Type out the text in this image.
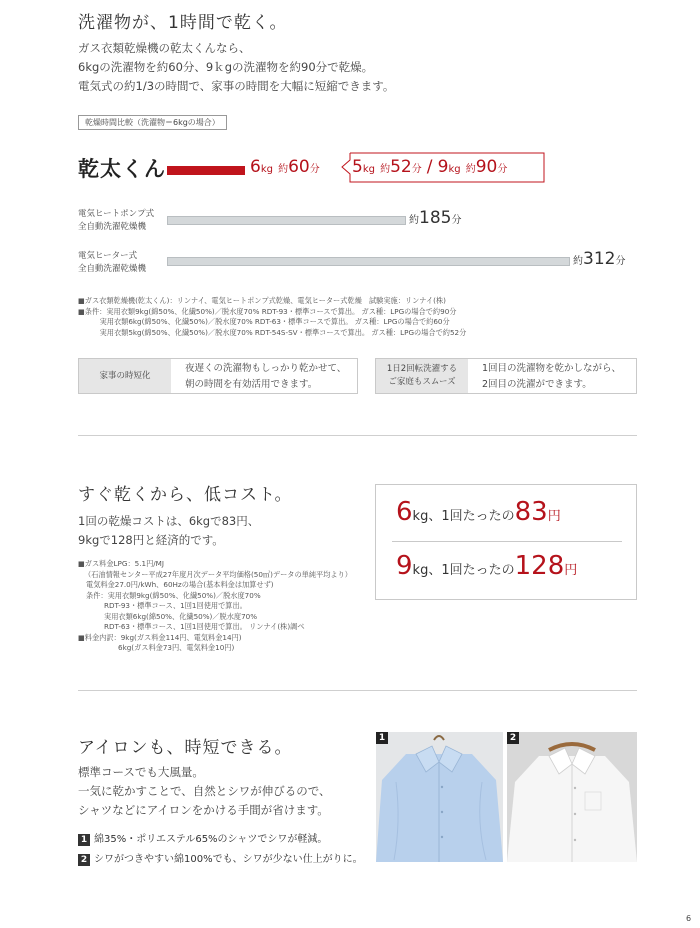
洗濯物が、1時間で乾く。
ガス衣類乾燥機の乾太くんなら、
6kgの洗濯物を約60分、9ｋgの洗濯物を約90分で乾燥。
電気式の約1/3の時間で、家事の時間を大幅に短縮できます。
乾燥時間比較（洗濯物＝6kgの場合）
乾太くん	6kg 約60分 5kg 約52分 / 9kg 約90分
電気ヒートポンプ式
全自動洗濯乾燥機
約185分
電気ヒーター式
全自動洗濯乾燥機
約312分
■ガス衣類乾燥機(乾太くん)：リンナイ、電気ヒートポンプ式乾燥、電気ヒーター式乾燥　試験実施：リンナイ(株)
■条件：実用衣類9kg(綿50%、化繊50%)／脱水度70% RDT-93・標準コースで算出。 ガス種：LPGの場合で約90分
　　　実用衣類6kg(綿50%、化繊50%)／脱水度70% RDT-63・標準コースで算出。 ガス種：LPGの場合で約60分
　　　実用衣類5kg(綿50%、化繊50%)／脱水度70% RDT-54S-SV・標準コースで算出。 ガス種：LPGの場合で約52分
家事の時短化
夜遅くの洗濯物もしっかり乾かせて、
朝の時間を有効活用できます。
1日2回転洗濯する
ご家庭もスムーズ
1回目の洗濯物を乾かしながら、
2回目の洗濯ができます。
すぐ乾くから、低コスト。
1回の乾燥コストは、6kgで83円、
9kgで128円と経済的です。
■ガス料金LPG：5.1円/MJ
（石油情報センター平成27年度月次データ平均価格(50㎥)データの単純平均より）
電気料金27.0円/kWh、60Hzの場合(基本料金は加算せず)
条件：実用衣類9kg(綿50%、化繊50%)／脱水度70%
RDT-93・標準コース、1回1回使用で算出。
実用衣類6kg(綿50%、化繊50%)／脱水度70%
RDT-63・標準コース、1回1回使用で算出。 リンナイ(株)調べ
■料金内訳：9kg(ガス料金114円、電気料金14円)
6kg(ガス料金73円、電気料金10円)
6kg、1回たったの83円
9kg、1回たったの128円
アイロンも、時短できる。
標準コースでも大風量。
一気に乾かすことで、自然とシワが伸びるので、
シャツなどにアイロンをかける手間が省けます。
1 綿35%・ポリエステル65%のシャツでシワが軽減。
2 シワがつきやすい綿100%でも、シワが少ない仕上がりに。
1	2
6
